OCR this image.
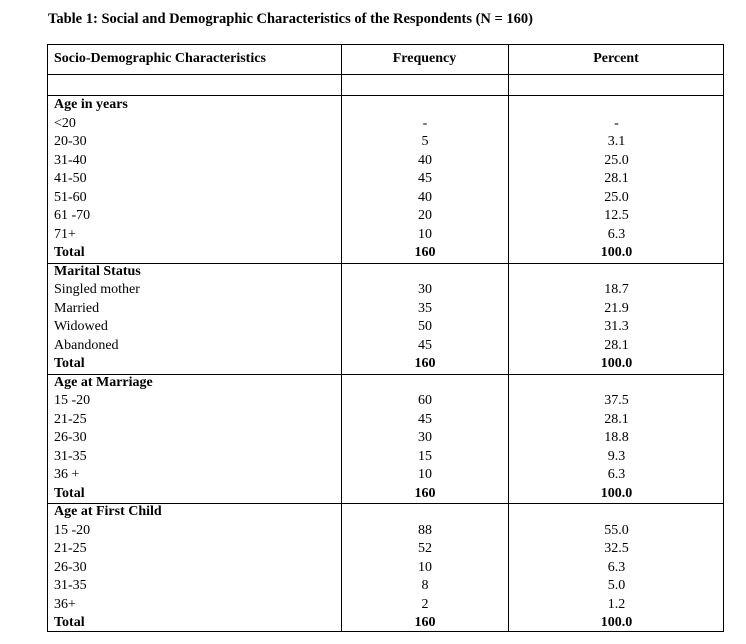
Table 1: Social and Demographic Characteristics of the Respondents (N = 160)
Socio-Demographic Characteristics	Frequency	Percent
Age in years
<20	-	-
20-30	5	3.1
31-40	40	25.0
41-50	45	28.1
51-60	40	25.0
61 -70	20	12.5
71+	10	6.3
Total	160	100.0
Marital Status
Singled mother	30	18.7
Married	35	21.9
Widowed	50	31.3
Abandoned	45	28.1
Total	160	100.0
Age at Marriage
15 -20	60	37.5
21-25	45	28.1
26-30	30	18.8
31-35	15	9.3
36 +	10	6.3
Total	160	100.0
Age at First Child
15 -20	88	55.0
21-25	52	32.5
26-30	10	6.3
31-35	8	5.0
36+	2	1.2
Total	160	100.0
